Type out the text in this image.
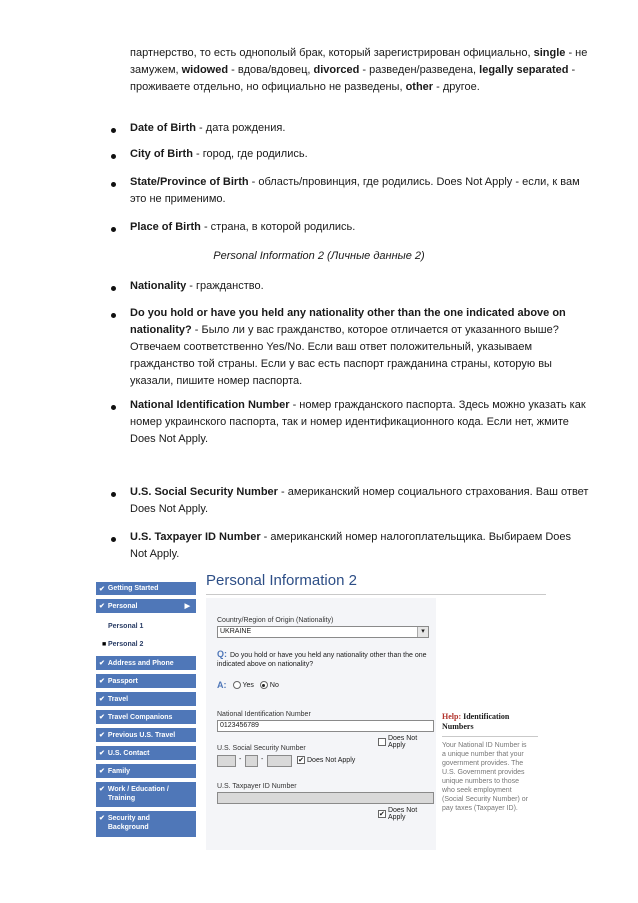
партнерство, то есть однополый брак, который зарегистрирован официально, single - не
замужем, widowed - вдова/вдовец, divorced - разведен/разведена, legally separated -
проживаете отдельно, но официально не разведены, other - другое.
Date of Birth - дата рождения.
City of Birth - город, где родились.
State/Province of Birth - область/провинция, где родились. Does Not Apply - если, к вам это не применимо.
Place of Birth - страна, в которой родились.
Personal Information 2 (Личные данные 2)
Nationality - гражданство.
Do you hold or have you held any nationality other than the one indicated above on nationality? - Было ли у вас гражданство, которое отличается от указанного выше? Отвечаем соответственно Yes/No. Если ваш ответ положительный, указываем гражданство той страны. Если у вас есть паспорт гражданина страны, которую вы указали, пишите номер паспорта.
National Identification Number - номер гражданского паспорта. Здесь можно указать как номер украинского паспорта, так и номер идентификационного кода. Если нет, жмите Does Not Apply.
U.S. Social Security Number - американский номер социального страхования. Ваш ответ Does Not Apply.
U.S. Taxpayer ID Number - американский номер налогоплательщика. Выбираем Does Not Apply.
✔ Getting Started
✔ Personal	▶
Personal 1
■ Personal 2
✔ Address and Phone
✔ Passport
✔ Travel
✔ Travel Companions
✔ Previous U.S. Travel
✔ U.S. Contact
✔ Family
✔ Work / Education / Training
✔ Security and Background
Personal Information 2
Country/Region of Origin (Nationality)
UKRAINE	▾
Q: Do you hold or have you held any nationality other than the one indicated above on nationality?
A: Yes No
National Identification Number
0123456789
Does Not Apply
U.S. Social Security Number
-	-	✔ Does Not Apply
U.S. Taxpayer ID Number
✔
Does Not Apply
Help: Identification Numbers
Your National ID Number is a unique number that your government provides. The U.S. Government provides unique numbers to those who seek employment (Social Security Number) or pay taxes (Taxpayer ID).
